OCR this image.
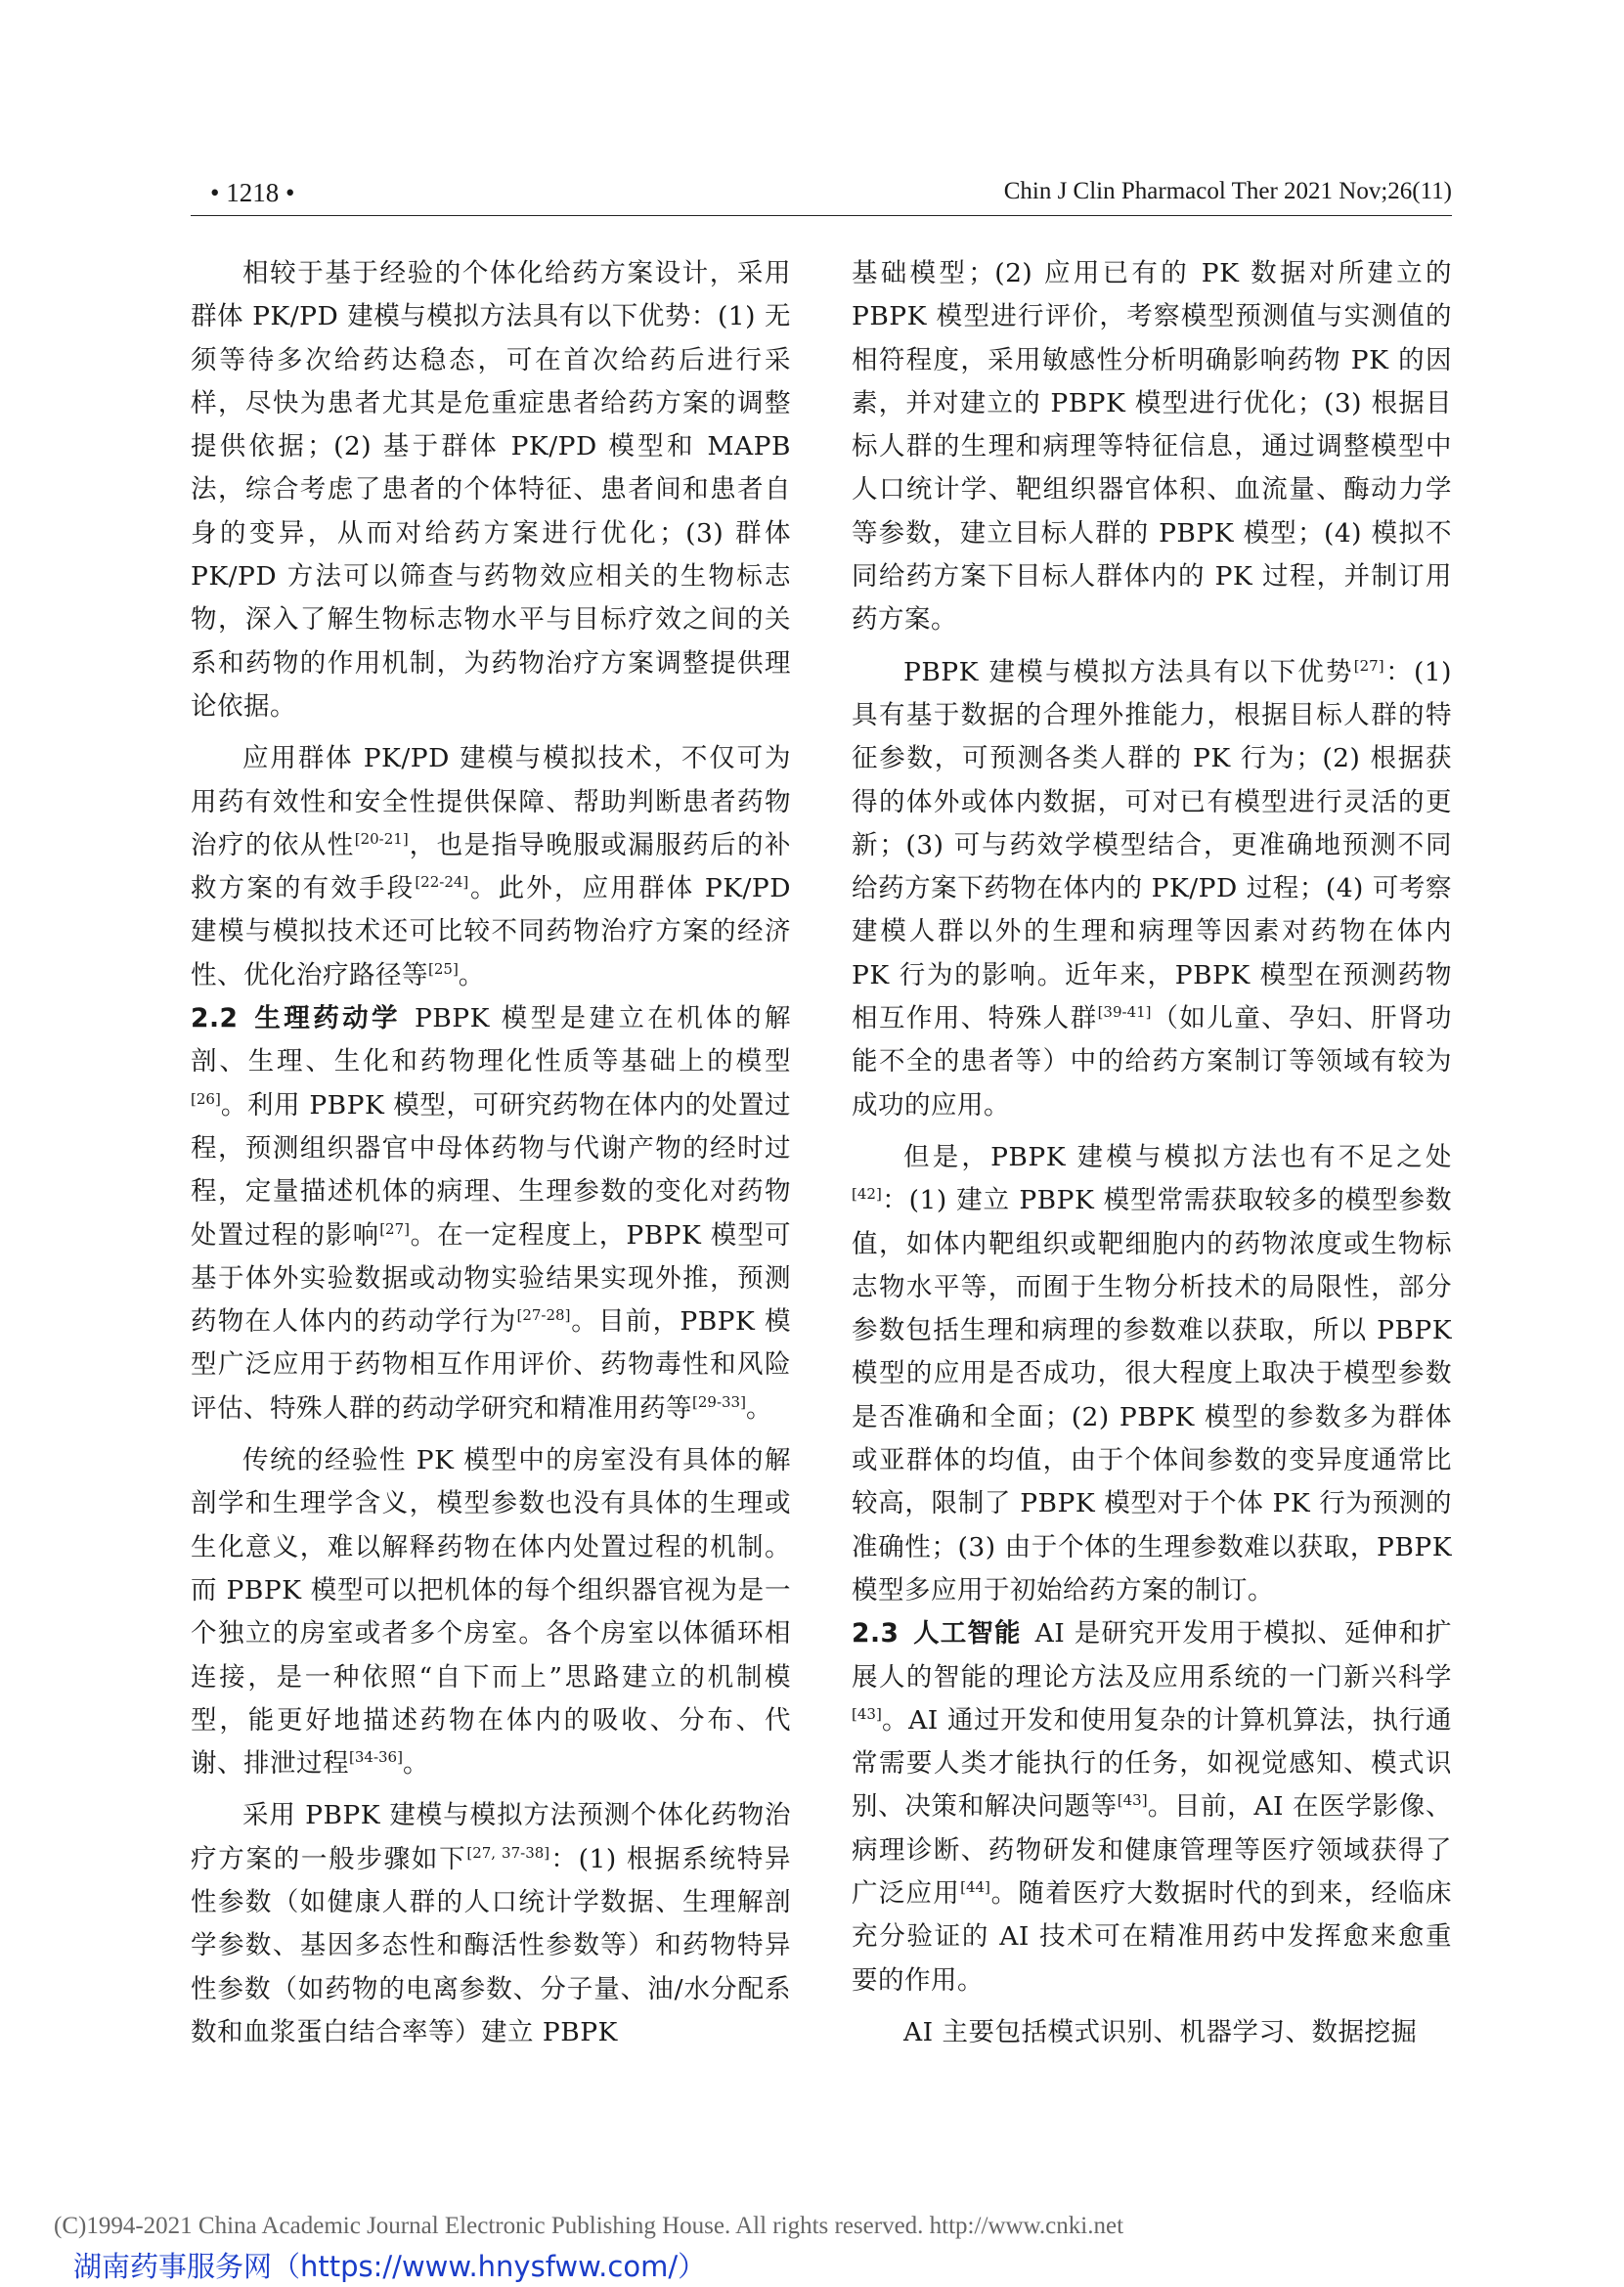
• 1218 •	Chin J Clin Pharmacol Ther 2021 Nov;26(11)

相较于基于经验的个体化给药方案设计，采用群体 PK/PD 建模与模拟方法具有以下优势：(1) 无须等待多次给药达稳态，可在首次给药后进行采样，尽快为患者尤其是危重症患者给药方案的调整提供依据；(2) 基于群体 PK/PD 模型和 MAPB 法，综合考虑了患者的个体特征、患者间和患者自身的变异，从而对给药方案进行优化；(3) 群体 PK/PD 方法可以筛查与药物效应相关的生物标志物，深入了解生物标志物水平与目标疗效之间的关系和药物的作用机制，为药物治疗方案调整提供理论依据。

应用群体 PK/PD 建模与模拟技术，不仅可为用药有效性和安全性提供保障、帮助判断患者药物治疗的依从性[20-21]，也是指导晚服或漏服药后的补救方案的有效手段[22-24]。此外，应用群体 PK/PD 建模与模拟技术还可比较不同药物治疗方案的经济性、优化治疗路径等[25]。

2.2 生理药动学 PBPK 模型是建立在机体的解剖、生理、生化和药物理化性质等基础上的模型[26]。利用 PBPK 模型，可研究药物在体内的处置过程，预测组织器官中母体药物与代谢产物的经时过程，定量描述机体的病理、生理参数的变化对药物处置过程的影响[27]。在一定程度上，PBPK 模型可基于体外实验数据或动物实验结果实现外推，预测药物在人体内的药动学行为[27-28]。目前，PBPK 模型广泛应用于药物相互作用评价、药物毒性和风险评估、特殊人群的药动学研究和精准用药等[29-33]。

传统的经验性 PK 模型中的房室没有具体的解剖学和生理学含义，模型参数也没有具体的生理或生化意义，难以解释药物在体内处置过程的机制。而 PBPK 模型可以把机体的每个组织器官视为是一个独立的房室或者多个房室。各个房室以体循环相连接，是一种依照“自下而上”思路建立的机制模型，能更好地描述药物在体内的吸收、分布、代谢、排泄过程[34-36]。

采用 PBPK 建模与模拟方法预测个体化药物治疗方案的一般步骤如下[27, 37-38]：(1) 根据系统特异性参数（如健康人群的人口统计学数据、生理解剖学参数、基因多态性和酶活性参数等）和药物特异性参数（如药物的电离参数、分子量、油/水分配系数和血浆蛋白结合率等）建立 PBPK

基础模型；(2) 应用已有的 PK 数据对所建立的 PBPK 模型进行评价，考察模型预测值与实测值的相符程度，采用敏感性分析明确影响药物 PK 的因素，并对建立的 PBPK 模型进行优化；(3) 根据目标人群的生理和病理等特征信息，通过调整模型中人口统计学、靶组织器官体积、血流量、酶动力学等参数，建立目标人群的 PBPK 模型；(4) 模拟不同给药方案下目标人群体内的 PK 过程，并制订用药方案。

PBPK 建模与模拟方法具有以下优势[27]：(1) 具有基于数据的合理外推能力，根据目标人群的特征参数，可预测各类人群的 PK 行为；(2) 根据获得的体外或体内数据，可对已有模型进行灵活的更新；(3) 可与药效学模型结合，更准确地预测不同给药方案下药物在体内的 PK/PD 过程；(4) 可考察建模人群以外的生理和病理等因素对药物在体内 PK 行为的影响。近年来，PBPK 模型在预测药物相互作用、特殊人群[39-41]（如儿童、孕妇、肝肾功能不全的患者等）中的给药方案制订等领域有较为成功的应用。

但是，PBPK 建模与模拟方法也有不足之处[42]：(1) 建立 PBPK 模型常需获取较多的模型参数值，如体内靶组织或靶细胞内的药物浓度或生物标志物水平等，而囿于生物分析技术的局限性，部分参数包括生理和病理的参数难以获取，所以 PBPK 模型的应用是否成功，很大程度上取决于模型参数是否准确和全面；(2) PBPK 模型的参数多为群体或亚群体的均值，由于个体间参数的变异度通常比较高，限制了 PBPK 模型对于个体 PK 行为预测的准确性；(3) 由于个体的生理参数难以获取，PBPK 模型多应用于初始给药方案的制订。

2.3 人工智能 AI 是研究开发用于模拟、延伸和扩展人的智能的理论方法及应用系统的一门新兴科学[43]。AI 通过开发和使用复杂的计算机算法，执行通常需要人类才能执行的任务，如视觉感知、模式识别、决策和解决问题等[43]。目前，AI 在医学影像、病理诊断、药物研发和健康管理等医疗领域获得了广泛应用[44]。随着医疗大数据时代的到来，经临床充分验证的 AI 技术可在精准用药中发挥愈来愈重要的作用。

AI 主要包括模式识别、机器学习、数据挖掘

(C)1994-2021 China Academic Journal Electronic Publishing House. All rights reserved. http://www.cnki.net
湖南药事服务网（https://www.hnysfww.com/）
